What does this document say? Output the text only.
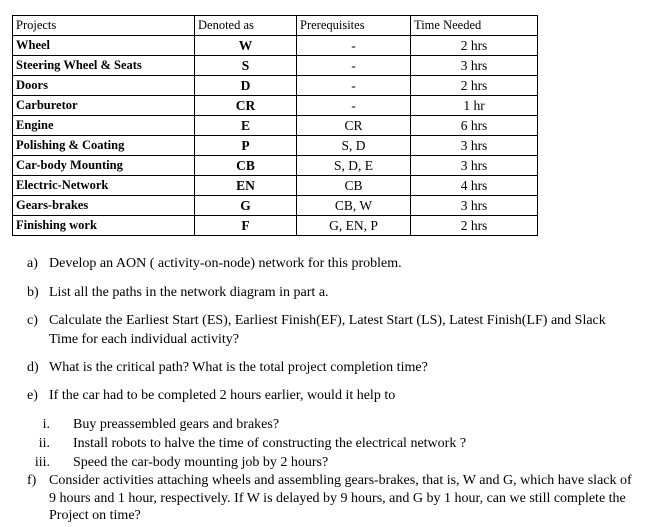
Projects	Denoted as	Prerequisites	Time Needed
Wheel	W	-	2 hrs
Steering Wheel & Seats	S	-	3 hrs
Doors	D	-	2 hrs
Carburetor	CR	-	1 hr
Engine	E	CR	6 hrs
Polishing & Coating	P	S, D	3 hrs
Car-body Mounting	CB	S, D, E	3 hrs
Electric-Network	EN	CB	4 hrs
Gears-brakes	G	CB, W	3 hrs
Finishing work	F	G, EN, P	2 hrs
a) Develop an AON ( activity-on-node) network for this problem.
b) List all the paths in the network diagram in part a.
c) Calculate the Earliest Start (ES), Earliest Finish(EF), Latest Start (LS), Latest Finish(LF) and Slack Time for each individual activity?
d) What is the critical path? What is the total project completion time?
e) If the car had to be completed 2 hours earlier, would it help to
i. Buy preassembled gears and brakes?
ii. Install robots to halve the time of constructing the electrical network ?
iii. Speed the car-body mounting job by 2 hours?
f) Consider activities attaching wheels and assembling gears-brakes, that is, W and G, which have slack of 9 hours and 1 hour, respectively. If W is delayed by 9 hours, and G by 1 hour, can we still complete the Project on time?
